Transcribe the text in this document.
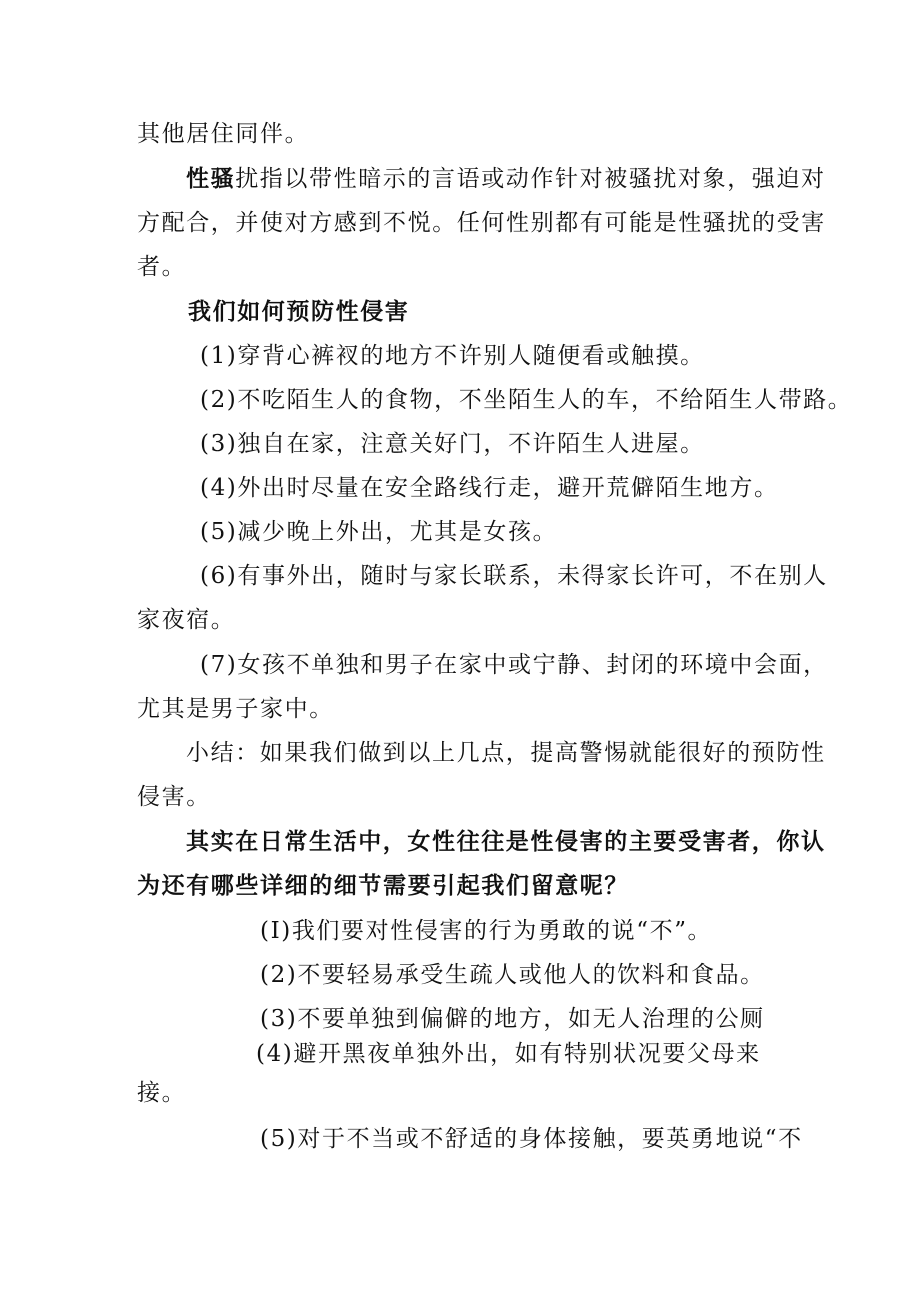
其他居住同伴。
性骚扰指以带性暗示的言语或动作针对被骚扰对象，强迫对
方配合，并使对方感到不悦。任何性别都有可能是性骚扰的受害
者。
我们如何预防性侵害
(1)穿背心裤衩的地方不许别人随便看或触摸。
(2)不吃陌生人的食物，不坐陌生人的车，不给陌生人带路。
(3)独自在家，注意关好门，不许陌生人进屋。
(4)外出时尽量在安全路线行走，避开荒僻陌生地方。
(5)减少晚上外出，尤其是女孩。
(6)有事外出，随时与家长联系，未得家长许可，不在别人
家夜宿。
(7)女孩不单独和男子在家中或宁静、封闭的环境中会面，
尤其是男子家中。
小结：如果我们做到以上几点，提高警惕就能很好的预防性
侵害。
其实在日常生活中，女性往往是性侵害的主要受害者，你认
为还有哪些详细的细节需要引起我们留意呢？
(I)我们要对性侵害的行为勇敢的说“不”。
(2)不要轻易承受生疏人或他人的饮料和食品。
(3)不要单独到偏僻的地方，如无人治理的公厕
(4)避开黑夜单独外出，如有特别状况要父母来
接。
(5)对于不当或不舒适的身体接触，要英勇地说“不
